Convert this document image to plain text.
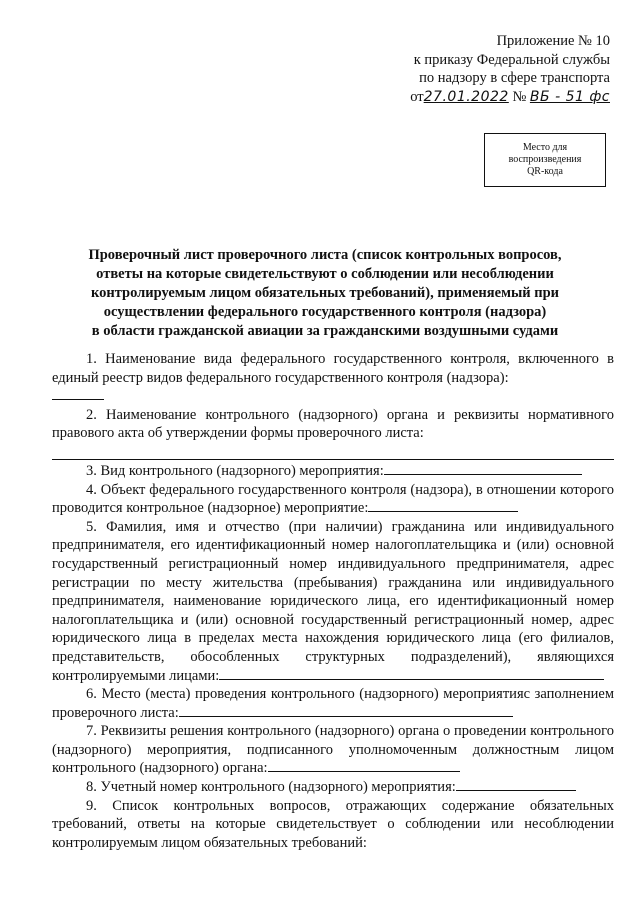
Приложение № 10
к приказу Федеральной службы
по надзору в сфере транспорта
от27.01.2022 № ВБ - 51 фс
Место для
воспроизведения
QR-кода
Проверочный лист проверочного листа (список контрольных вопросов,
ответы на которые свидетельствуют о соблюдении или несоблюдении
контролируемым лицом обязательных требований), применяемый при
осуществлении федерального государственного контроля (надзора)
в области гражданской авиации за гражданскими воздушными судами

1. Наименование вида федерального государственного контроля, включенного в единый реестр видов федерального государственного контроля (надзора):

2. Наименование контрольного (надзорного) органа и реквизиты нормативного правового акта об утверждении формы проверочного листа:

3. Вид контрольного (надзорного) мероприятия:

4. Объект федерального государственного контроля (надзора), в отношении которого проводится контрольное (надзорное) мероприятие:

5. Фамилия, имя и отчество (при наличии) гражданина или индивидуального предпринимателя, его идентификационный номер налогоплательщика и (или) основной государственный регистрационный номер индивидуального предпринимателя, адрес регистрации по месту жительства (пребывания) гражданина или индивидуального предпринимателя, наименование юридического лица, его идентификационный номер налогоплательщика и (или) основной государственный регистрационный номер, адрес юридического лица в пределах места нахождения юридического лица (его филиалов, представительств, обособленных структурных подразделений), являющихся контролируемыми лицами:

6. Место (места) проведения контрольного (надзорного) мероприятияс заполнением проверочного листа:

7. Реквизиты решения контрольного (надзорного) органа о проведении контрольного (надзорного) мероприятия, подписанного уполномоченным должностным лицом контрольного (надзорного) органа:

8. Учетный номер контрольного (надзорного) мероприятия:

9. Список контрольных вопросов, отражающих содержание обязательных требований, ответы на которые свидетельствует о соблюдении или несоблюдении контролируемым лицом обязательных требований:
